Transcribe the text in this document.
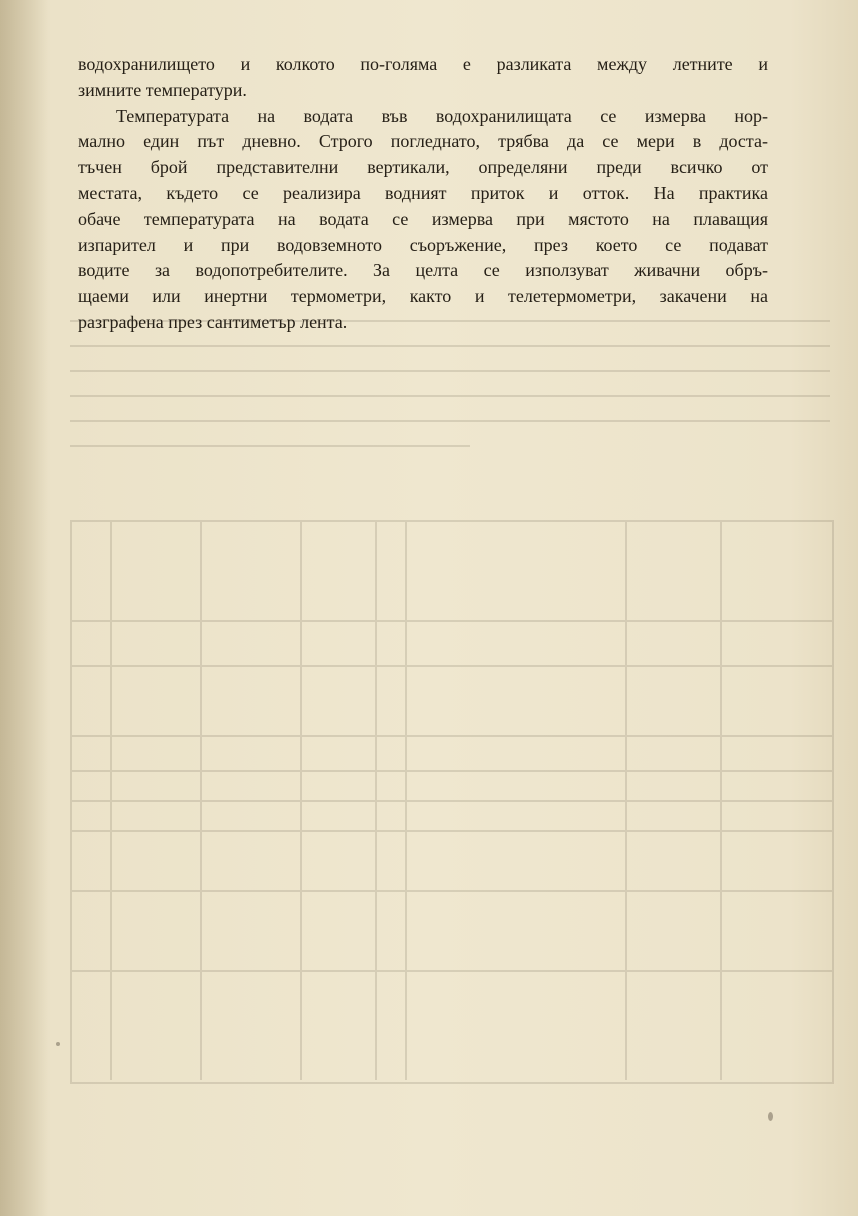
водохранилището и колкото по-голяма е разликата между летните и
зимните температури.
Температурата на водата във водохранилищата се измерва нор-
мално един път дневно. Строго погледнато, трябва да се мери в доста-
тъчен брой представителни вертикали, определяни преди всичко от
местата, където се реализира водният приток и отток. На практика
обаче температурата на водата се измерва при мястото на плаващия
изпарител и при водовземното съоръжение, през което се подават
водите за водопотребителите. За целта се използуват живачни обръ-
щаеми или инертни термометри, както и телетермометри, закачени на
разграфена през сантиметър лента.
